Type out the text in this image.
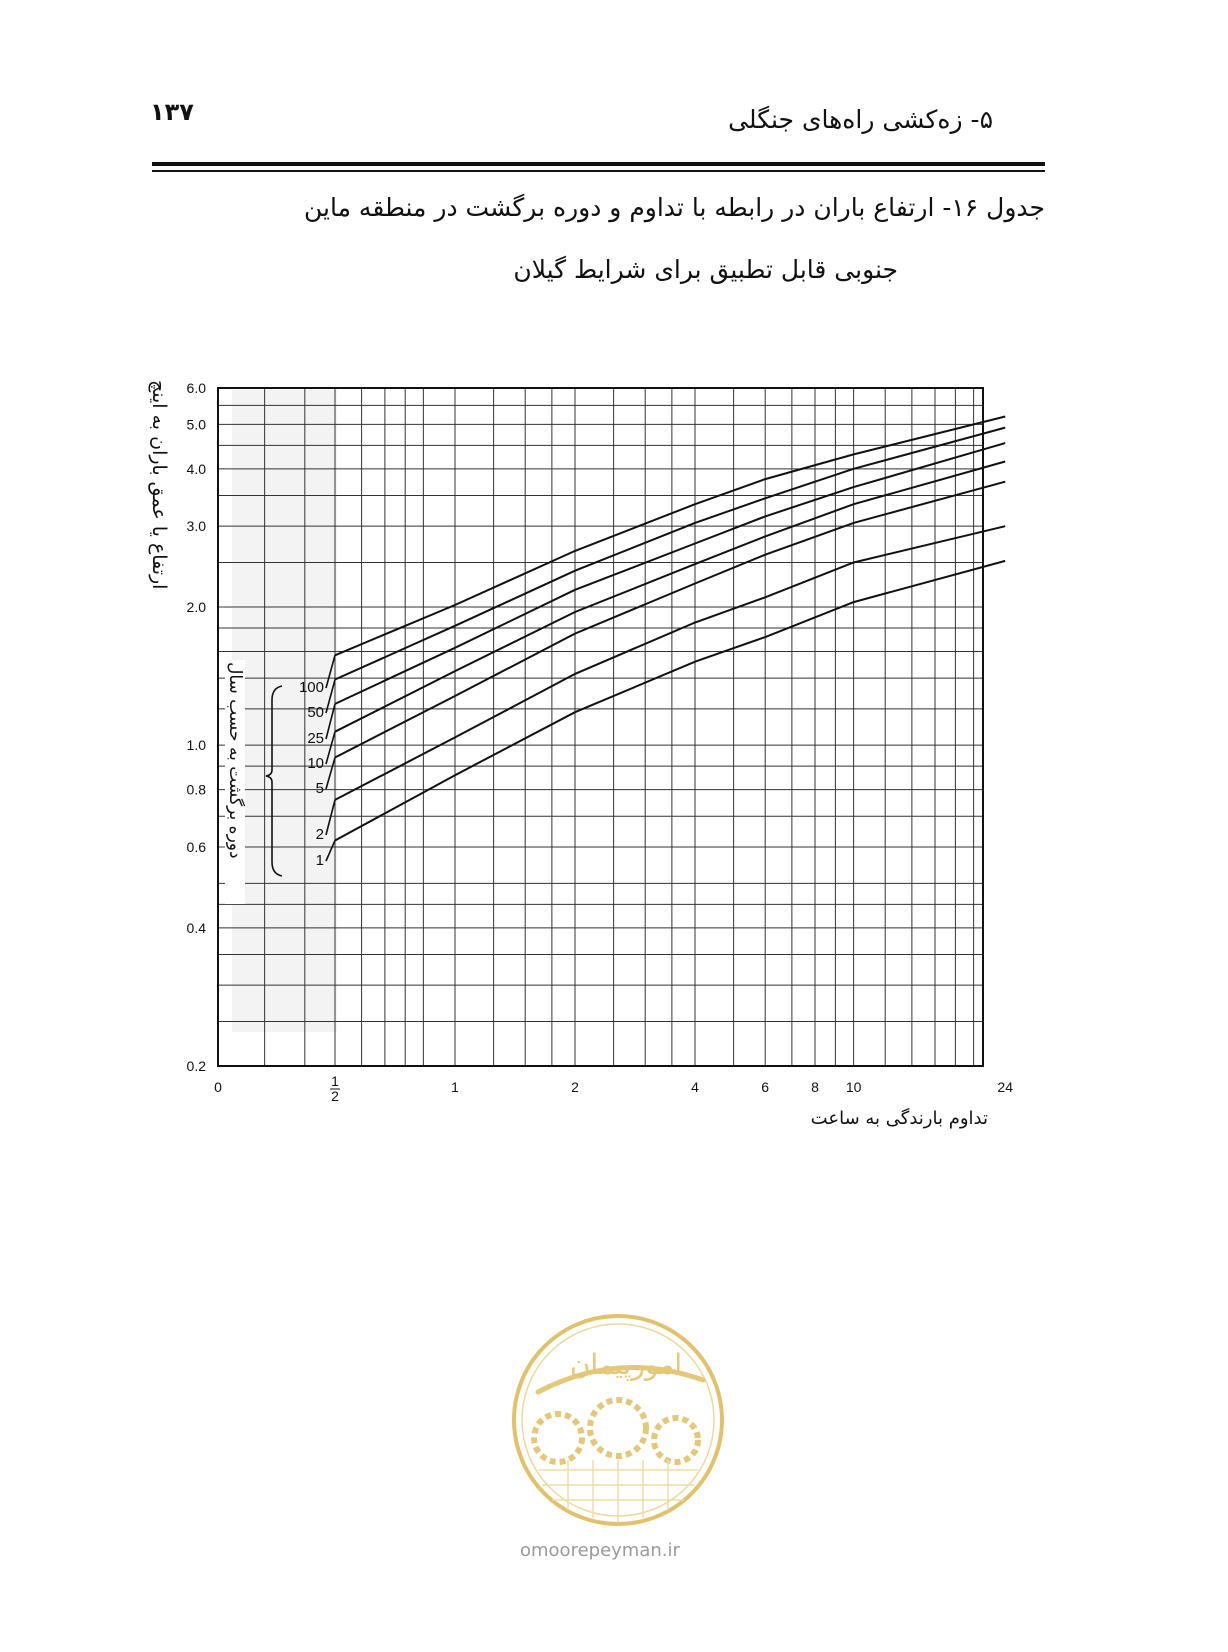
۱۳۷	۵- زه‌کشی راه‌های جنگلی
جدول ۱۶- ارتفاع باران در رابطه با تداوم و دوره برگشت در منطقه ماین
جنوبی قابل تطبیق برای شرایط گیلان
0.2
0.4
0.6
0.8
1.0
2.0
3.0
4.0
5.0
6.0
0	1
2
1	2	4	6	8 10	24
100
50
25
10
5
2
1
ارتفاع یا عمق باران به اینچ
دوره برگشت به حسب سال
تداوم بارندگی به ساعت
امورپیمان
omoorepeyman.ir
